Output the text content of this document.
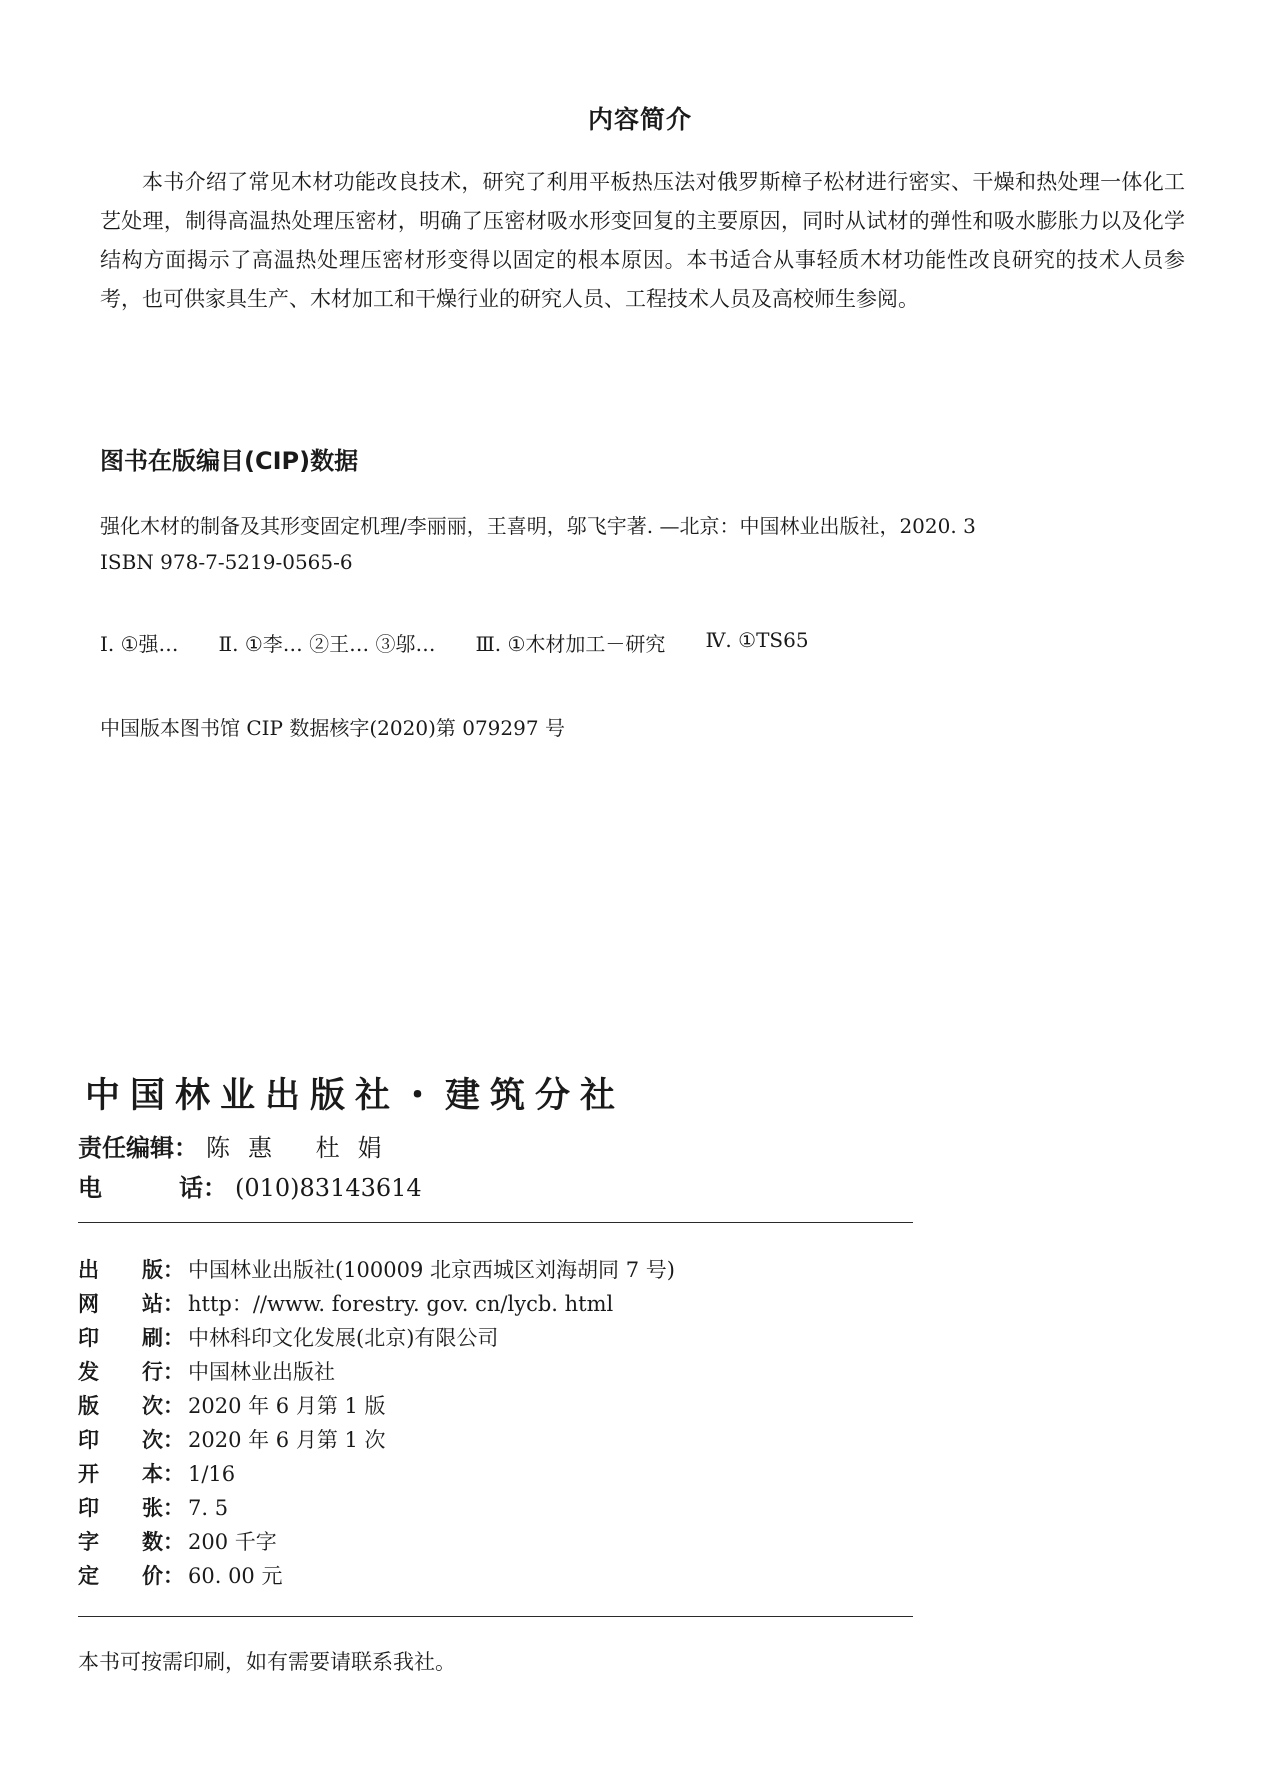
内容简介

本书介绍了常见木材功能改良技术，研究了利用平板热压法对俄罗斯樟子松材进行密实、干燥和热处理一体化工艺处理，制得高温热处理压密材，明确了压密材吸水形变回复的主要原因，同时从试材的弹性和吸水膨胀力以及化学结构方面揭示了高温热处理压密材形变得以固定的根本原因。本书适合从事轻质木材功能性改良研究的技术人员参考，也可供家具生产、木材加工和干燥行业的研究人员、工程技术人员及高校师生参阅。

图书在版编目(CIP)数据
强化木材的制备及其形变固定机理/李丽丽，王喜明，邬飞宇著. —北京：中国林业出版社，2020. 3
ISBN 978-7-5219-0565-6
Ⅰ. ①强… Ⅱ. ①李… ②王… ③邬… Ⅲ. ①木材加工－研究 Ⅳ. ①TS65
中国版本图书馆 CIP 数据核字(2020)第 079297 号
中国林业出版社・建筑分社
责任编辑 ： 陈惠 杜娟
电	话 ： (010)83143614
出 版 ： 中国林业出版社(100009 北京西城区刘海胡同 7 号)
网 站 ： http：//www. forestry. gov. cn/lycb. html
印 刷 ： 中林科印文化发展(北京)有限公司
发 行 ： 中国林业出版社
版 次 ： 2020 年 6 月第 1 版
印 次 ： 2020 年 6 月第 1 次
开 本 ： 1/16
印 张 ： 7. 5
字 数 ： 200 千字
定 价 ： 60. 00 元
本书可按需印刷，如有需要请联系我社。
